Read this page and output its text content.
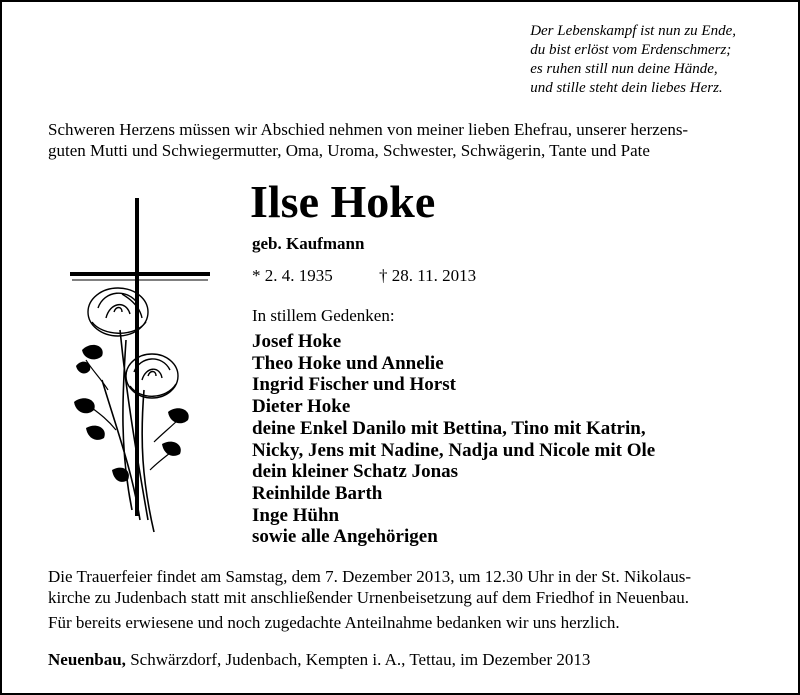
Der Lebenskampf ist nun zu Ende,
du bist erlöst vom Erdenschmerz;
es ruhen still nun deine Hände,
und stille steht dein liebes Herz.
Schweren Herzens müssen wir Abschied nehmen von meiner lieben Ehefrau, unserer herzens-
guten Mutti und Schwiegermutter, Oma, Uroma, Schwester, Schwägerin, Tante und Pate
Ilse Hoke
geb. Kaufmann
* 2. 4. 1935	† 28. 11. 2013
In stillem Gedenken:
Josef Hoke
Theo Hoke und Annelie
Ingrid Fischer und Horst
Dieter Hoke
deine Enkel Danilo mit Bettina, Tino mit Katrin,
Nicky, Jens mit Nadine, Nadja und Nicole mit Ole
dein kleiner Schatz Jonas
Reinhilde Barth
Inge Hühn
sowie alle Angehörigen
Die Trauerfeier findet am Samstag, dem 7. Dezember 2013, um 12.30 Uhr in der St. Nikolaus-
kirche zu Judenbach statt mit anschließender Urnenbeisetzung auf dem Friedhof in Neuenbau.
Für bereits erwiesene und noch zugedachte Anteilnahme bedanken wir uns herzlich.
Neuenbau, Schwärzdorf, Judenbach, Kempten i. A., Tettau, im Dezember 2013
